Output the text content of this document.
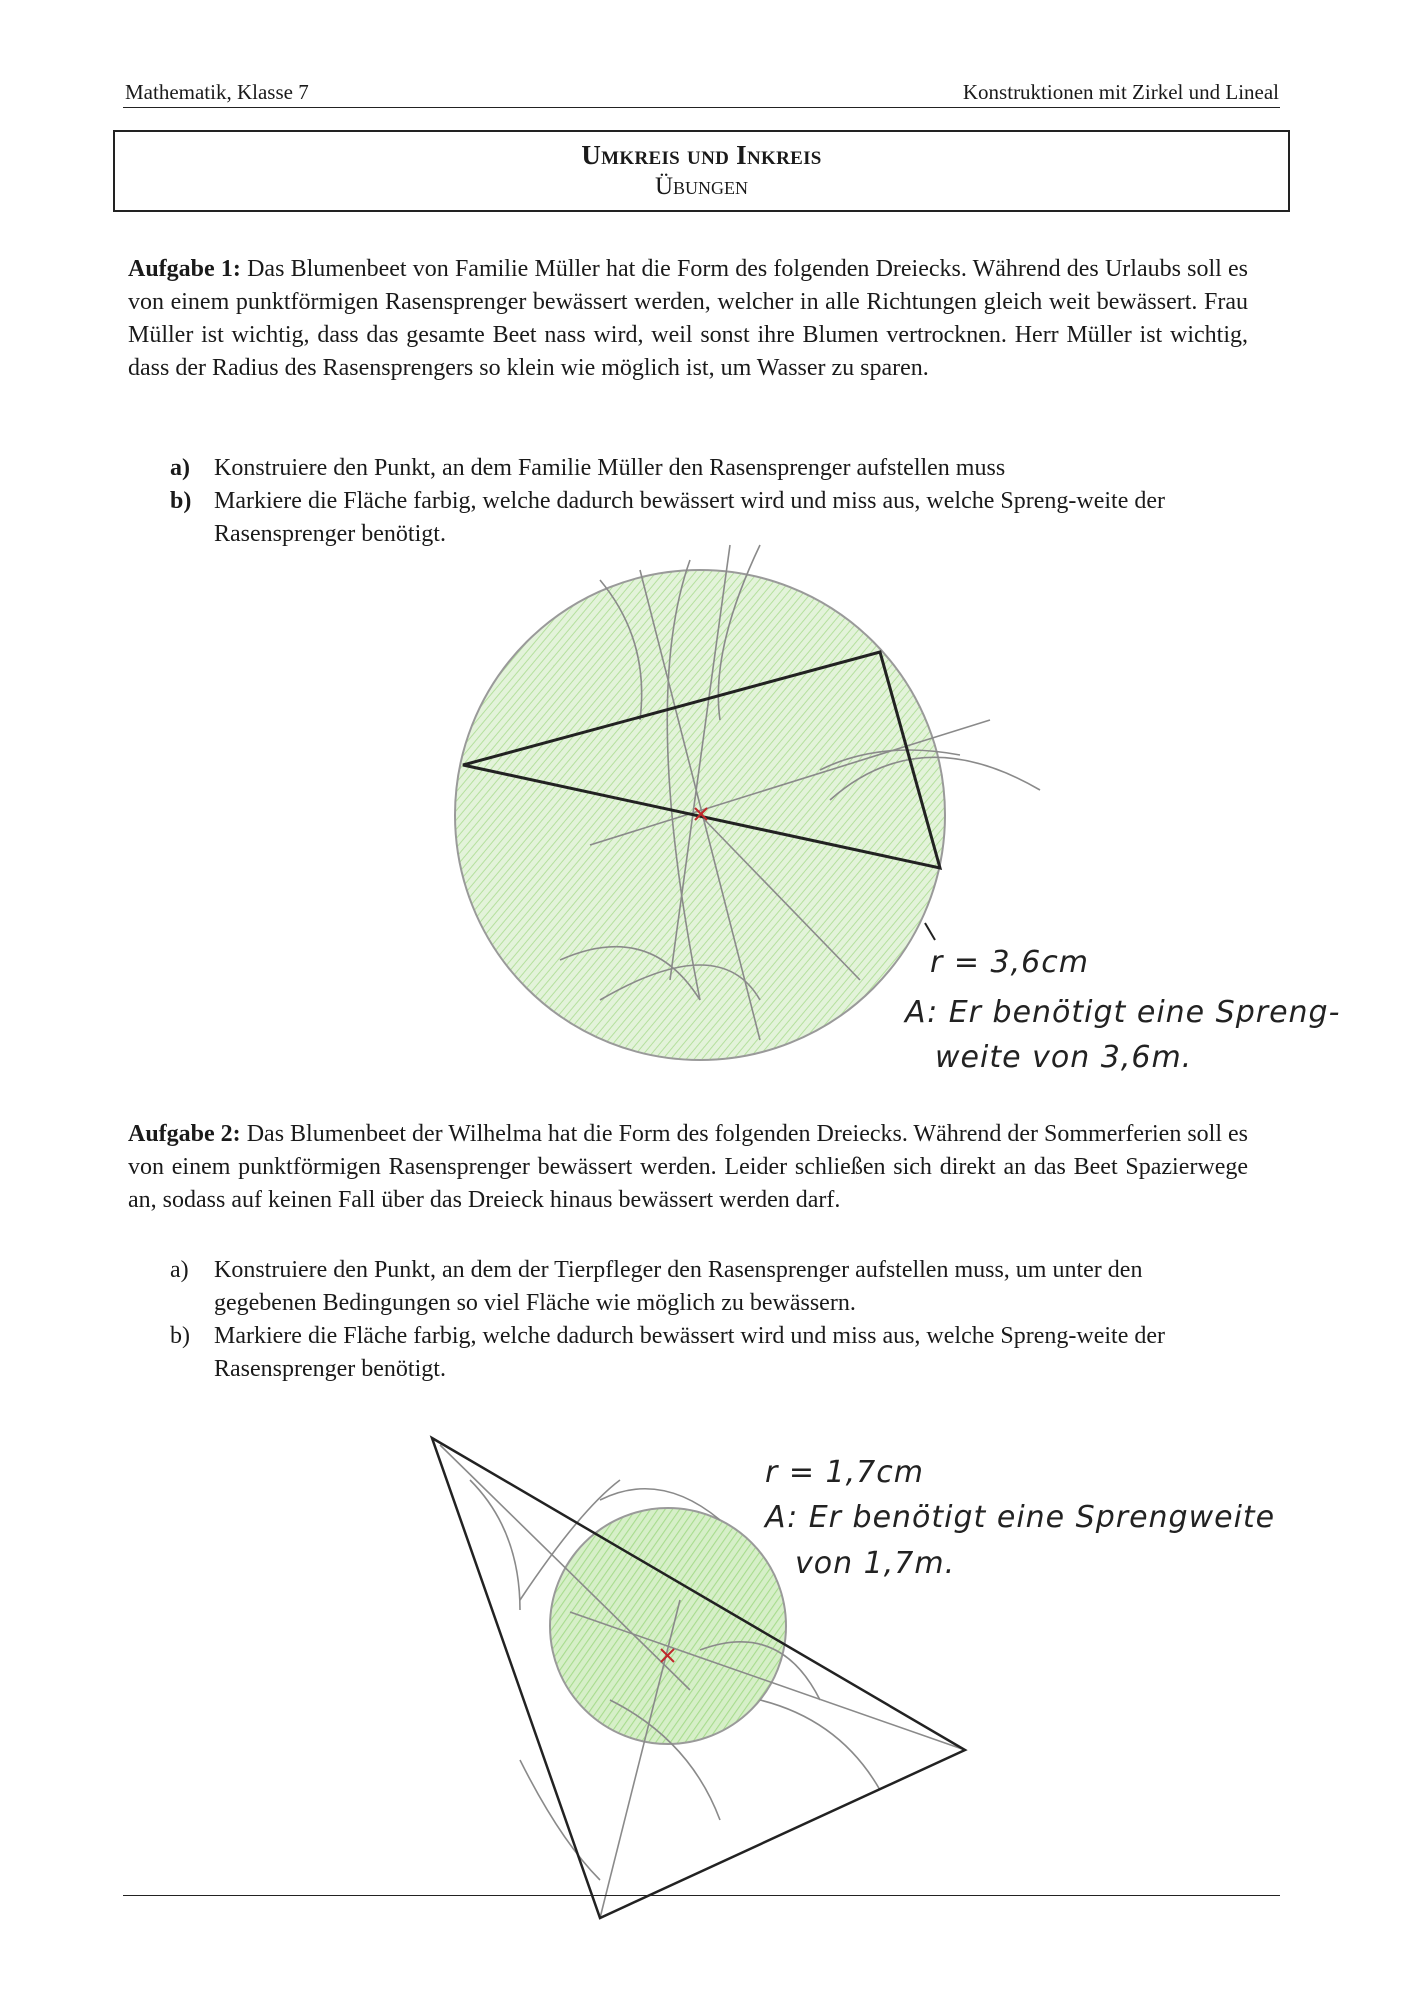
Mathematik, Klasse 7	Konstruktionen mit Zirkel und Lineal
Umkreis und Inkreis
Übungen
Aufgabe 1: Das Blumenbeet von Familie Müller hat die Form des folgenden Dreiecks. Während des Urlaubs soll es von einem punktförmigen Rasensprenger bewässert werden, welcher in alle Richtungen gleich weit bewässert. Frau Müller ist wichtig, dass das gesamte Beet nass wird, weil sonst ihre Blumen vertrocknen. Herr Müller ist wichtig, dass der Radius des Rasensprengers so klein wie möglich ist, um Wasser zu sparen.
a) Konstruiere den Punkt, an dem Familie Müller den Rasensprenger aufstellen muss
b) Markiere die Fläche farbig, welche dadurch bewässert wird und miss aus, welche Spreng-weite der Rasensprenger benötigt.
r = 3,6cm
A: Er benötigt eine Spreng-
weite von 3,6m.
Aufgabe 2: Das Blumenbeet der Wilhelma hat die Form des folgenden Dreiecks. Während der Sommerferien soll es von einem punktförmigen Rasensprenger bewässert werden. Leider schließen sich direkt an das Beet Spazierwege an, sodass auf keinen Fall über das Dreieck hinaus bewässert werden darf.
a) Konstruiere den Punkt, an dem der Tierpfleger den Rasensprenger aufstellen muss, um unter den gegebenen Bedingungen so viel Fläche wie möglich zu bewässern.
b) Markiere die Fläche farbig, welche dadurch bewässert wird und miss aus, welche Spreng-weite der Rasensprenger benötigt.
r = 1,7cm
A: Er benötigt eine Sprengweite
von 1,7m.
